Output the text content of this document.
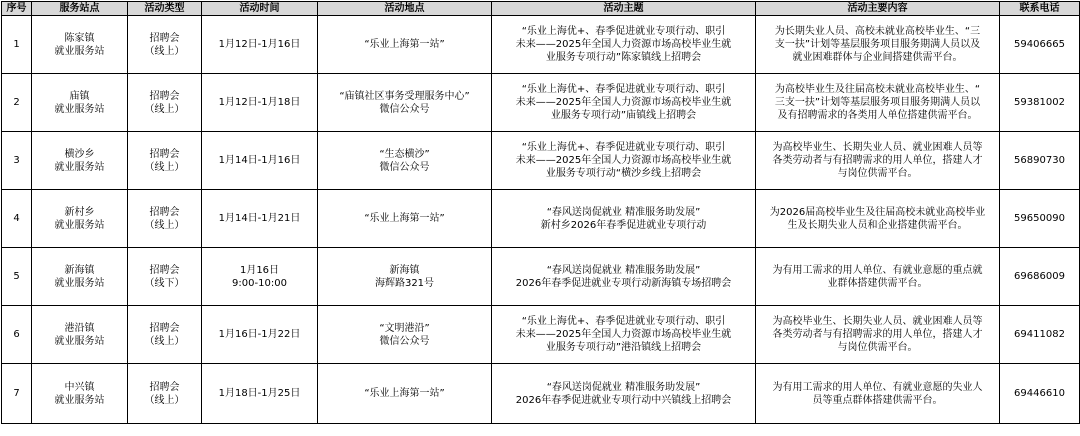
序号	服务站点	活动类型	活动时间	活动地点	活动主题	活动主要内容	联系电话
1	陈家镇
就业服务站	招聘会
（线上）	1月12日-1月16日	“乐业上海第一站”	“乐业上海优+、春季促进就业专项行动、职引
未来——2025年全国人力资源市场高校毕业生就
业服务专项行动”陈家镇线上招聘会	为长期失业人员、高校未就业高校毕业生、“三
支一扶”计划等基层服务项目服务期满人员以及
就业困难群体与企业间搭建供需平台。	59406665
2	庙镇
就业服务站	招聘会
（线上）	1月12日-1月18日	“庙镇社区事务受理服务中心”
微信公众号	“乐业上海优+、春季促进就业专项行动、职引
未来——2025年全国人力资源市场高校毕业生就
业服务专项行动”庙镇线上招聘会	为高校毕业生及往届高校未就业高校毕业生、“
三支一扶”计划等基层服务项目服务期满人员以
及有招聘需求的各类用人单位搭建供需平台。	59381002
3	横沙乡
就业服务站	招聘会
（线上）	1月14日-1月16日	“生态横沙”
微信公众号	“乐业上海优+、春季促进就业专项行动、职引
未来——2025年全国人力资源市场高校毕业生就
业服务专项行动“横沙乡线上招聘会	为高校毕业生、长期失业人员、就业困难人员等
各类劳动者与有招聘需求的用人单位，搭建人才
与岗位供需平台。	56890730
4	新村乡
就业服务站	招聘会
（线上）	1月14日-1月21日	“乐业上海第一站”	“春风送岗促就业 精准服务助发展”
新村乡2026年春季促进就业专项行动	为2026届高校毕业生及往届高校未就业高校毕业
生及长期失业人员和企业搭建供需平台。	59650090
5	新海镇
就业服务站	招聘会
（线下）	1月16日
9:00-10:00	新海镇
海辉路321号	“春风送岗促就业 精准服务助发展”
2026年春季促进就业专项行动新海镇专场招聘会	为有用工需求的用人单位、有就业意愿的重点就
业群体搭建供需平台。	69686009
6	港沿镇
就业服务站	招聘会
（线上）	1月16日-1月22日	“文明港沿”
微信公众号	“乐业上海优+、春季促进就业专项行动、职引
未来——2025年全国人力资源市场高校毕业生就
业服务专项行动”港沿镇线上招聘会	为高校毕业生、长期失业人员、就业困难人员等
各类劳动者与有招聘需求的用人单位，搭建人才
与岗位供需平台。	69411082
7	中兴镇
就业服务站	招聘会
（线上）	1月18日-1月25日	“乐业上海第一站”	“春风送岗促就业 精准服务助发展”
2026年春季促进就业专项行动中兴镇线上招聘会	为有用工需求的用人单位、有就业意愿的失业人
员等重点群体搭建供需平台。	69446610
